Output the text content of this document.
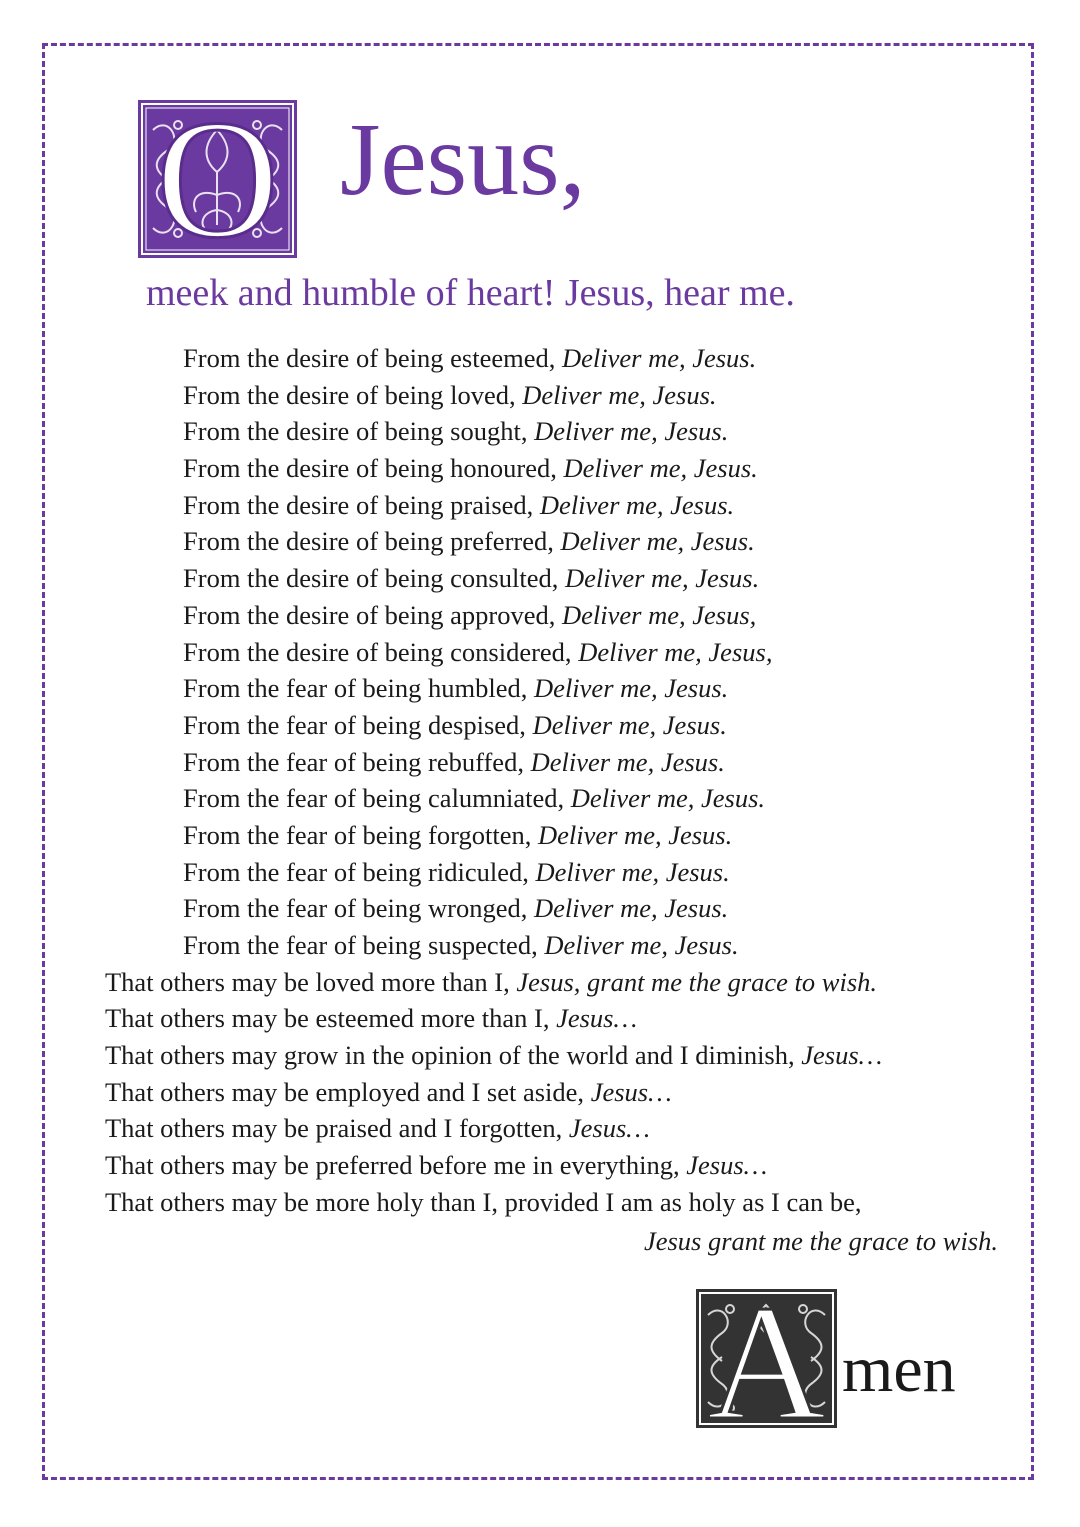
O Jesus,
meek and humble of heart! Jesus, hear me.
From the desire of being esteemed, Deliver me, Jesus.
From the desire of being loved, Deliver me, Jesus.
From the desire of being sought, Deliver me, Jesus.
From the desire of being honoured, Deliver me, Jesus.
From the desire of being praised, Deliver me, Jesus.
From the desire of being preferred, Deliver me, Jesus.
From the desire of being consulted, Deliver me, Jesus.
From the desire of being approved, Deliver me, Jesus,
From the desire of being considered, Deliver me, Jesus,
From the fear of being humbled, Deliver me, Jesus.
From the fear of being despised, Deliver me, Jesus.
From the fear of being rebuffed, Deliver me, Jesus.
From the fear of being calumniated, Deliver me, Jesus.
From the fear of being forgotten, Deliver me, Jesus.
From the fear of being ridiculed, Deliver me, Jesus.
From the fear of being wronged, Deliver me, Jesus.
From the fear of being suspected, Deliver me, Jesus.
That others may be loved more than I, Jesus, grant me the grace to wish.
That others may be esteemed more than I, Jesus…
That others may grow in the opinion of the world and I diminish, Jesus…
That others may be employed and I set aside, Jesus…
That others may be praised and I forgotten, Jesus…
That others may be preferred before me in everything, Jesus…
That others may be more holy than I, provided I am as holy as I can be,
Jesus grant me the grace to wish.
A men
